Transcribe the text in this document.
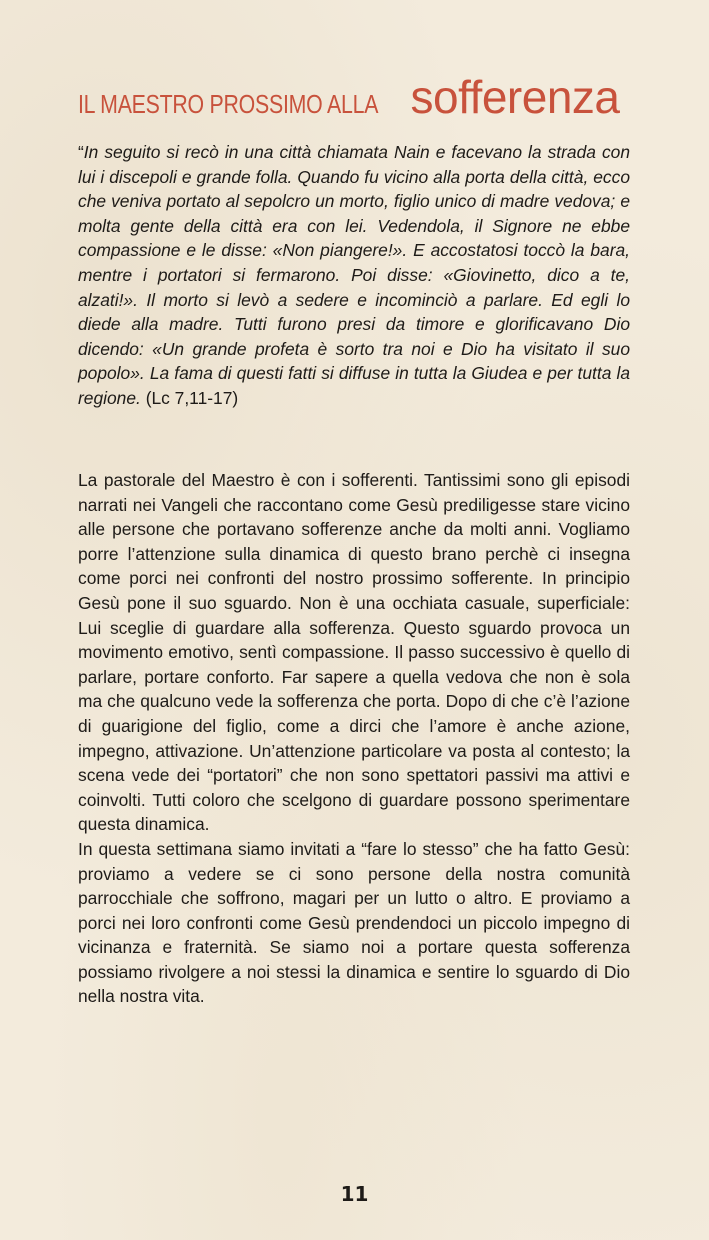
IL MAESTRO PROSSIMO ALLA sofferenza
“In seguito si recò in una città chiamata Nain e facevano la strada con lui i discepoli e grande folla. Quando fu vicino alla porta della città, ecco che veniva portato al sepolcro un morto, figlio unico di madre vedova; e molta gente della città era con lei. Vedendola, il Signore ne ebbe compassione e le disse: «Non piangere!». E accostatosi toccò la bara, mentre i portatori si fermarono. Poi disse: «Giovinetto, dico a te, alzati!». Il morto si levò a sedere e incominciò a parlare. Ed egli lo diede alla madre. Tutti furono presi da timore e glorificavano Dio dicendo: «Un grande profeta è sorto tra noi e Dio ha visitato il suo popolo». La fama di questi fatti si diffuse in tutta la Giudea e per tutta la regione. (Lc 7,11-17)

La pastorale del Maestro è con i sofferenti. Tantissimi sono gli episodi narrati nei Vangeli che raccontano come Gesù prediligesse stare vicino alle persone che portavano sofferenze anche da molti anni. Vogliamo porre l’attenzione sulla dinamica di questo brano perchè ci insegna come porci nei confronti del nostro prossimo sofferente. In principio Gesù pone il suo sguardo. Non è una occhiata casuale, superficiale: Lui sceglie di guardare alla sofferenza. Questo sguardo provoca un movimento emotivo, sentì compassione. Il passo successivo è quello di parlare, portare conforto. Far sapere a quella vedova che non è sola ma che qualcuno vede la sofferenza che porta. Dopo di che c’è l’azione di guarigione del figlio, come a dirci che l’amore è anche azione, impegno, attivazione. Un’attenzione particolare va posta al contesto; la scena vede dei “portatori” che non sono spettatori passivi ma attivi e coinvolti. Tutti coloro che scelgono di guardare possono sperimentare questa dinamica.

In questa settimana siamo invitati a “fare lo stesso” che ha fatto Gesù: proviamo a vedere se ci sono persone della nostra comunità parrocchiale che soffrono, magari per un lutto o altro. E proviamo a porci nei loro confronti come Gesù prendendoci un piccolo impegno di vicinanza e fraternità. Se siamo noi a portare questa sofferenza possiamo rivolgere a noi stessi la dinamica e sentire lo sguardo di Dio nella nostra vita.

11
